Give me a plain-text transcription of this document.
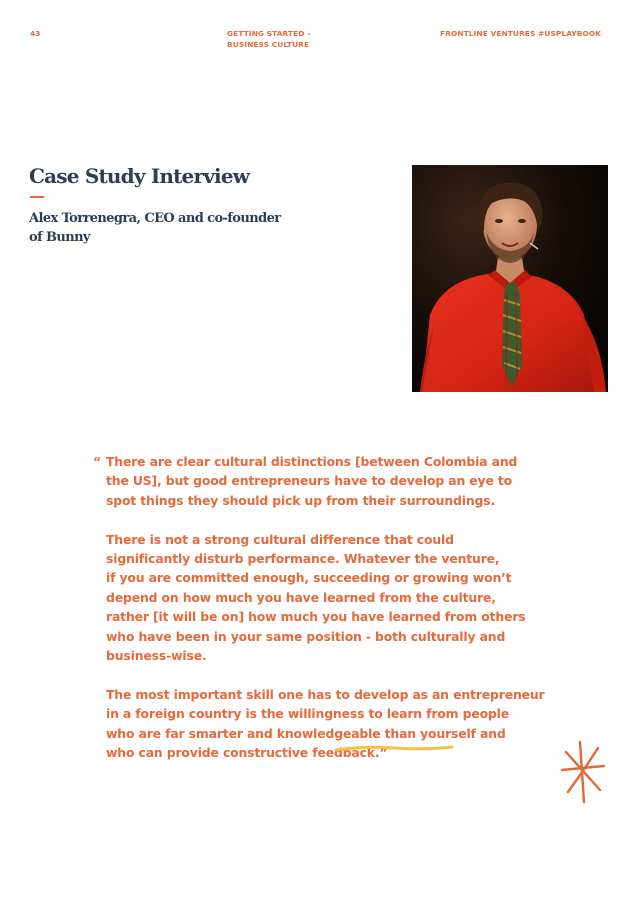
43	GETTING STARTED –
BUSINESS CULTURE
FRONTLINE VENTURES #USPLAYBOOK
Case Study Interview
Alex Torrenegra, CEO and co-founder
of Bunny
“ There are clear cultural distinctions [between Colombia and
the US], but good entrepreneurs have to develop an eye to
spot things they should pick up from their surroundings.

There is not a strong cultural difference that could
significantly disturb performance. Whatever the venture,
if you are committed enough, succeeding or growing won’t
depend on how much you have learned from the culture,
rather [it will be on] how much you have learned from others
who have been in your same position - both culturally and
business-wise.

The most important skill one has to develop as an entrepreneur
in a foreign country is the willingness to learn from people
who are far smarter and knowledgeable than yourself and
who can provide constructive feedback.”
